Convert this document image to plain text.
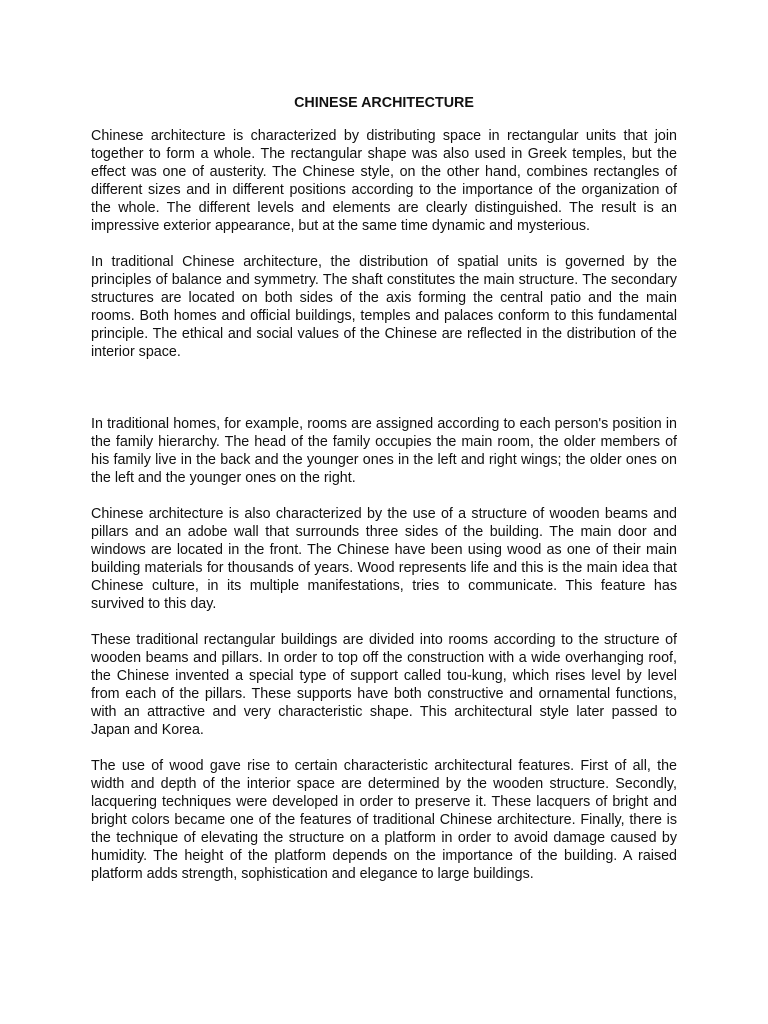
CHINESE ARCHITECTURE

Chinese architecture is characterized by distributing space in rectangular units that join together to form a whole. The rectangular shape was also used in Greek temples, but the effect was one of austerity. The Chinese style, on the other hand, combines rectangles of different sizes and in different positions according to the importance of the organization of the whole. The different levels and elements are clearly distinguished. The result is an impressive exterior appearance, but at the same time dynamic and mysterious.

In traditional Chinese architecture, the distribution of spatial units is governed by the principles of balance and symmetry. The shaft constitutes the main structure. The secondary structures are located on both sides of the axis forming the central patio and the main rooms. Both homes and official buildings, temples and palaces conform to this fundamental principle. The ethical and social values of the Chinese are reflected in the distribution of the interior space.

In traditional homes, for example, rooms are assigned according to each person's position in the family hierarchy. The head of the family occupies the main room, the older members of his family live in the back and the younger ones in the left and right wings; the older ones on the left and the younger ones on the right.

Chinese architecture is also characterized by the use of a structure of wooden beams and pillars and an adobe wall that surrounds three sides of the building. The main door and windows are located in the front. The Chinese have been using wood as one of their main building materials for thousands of years. Wood represents life and this is the main idea that Chinese culture, in its multiple manifestations, tries to communicate. This feature has survived to this day.

These traditional rectangular buildings are divided into rooms according to the structure of wooden beams and pillars. In order to top off the construction with a wide overhanging roof, the Chinese invented a special type of support called tou-kung, which rises level by level from each of the pillars. These supports have both constructive and ornamental functions, with an attractive and very characteristic shape. This architectural style later passed to Japan and Korea.

The use of wood gave rise to certain characteristic architectural features. First of all, the width and depth of the interior space are determined by the wooden structure. Secondly, lacquering techniques were developed in order to preserve it. These lacquers of bright and bright colors became one of the features of traditional Chinese architecture. Finally, there is the technique of elevating the structure on a platform in order to avoid damage caused by humidity. The height of the platform depends on the importance of the building. A raised platform adds strength, sophistication and elegance to large buildings.
